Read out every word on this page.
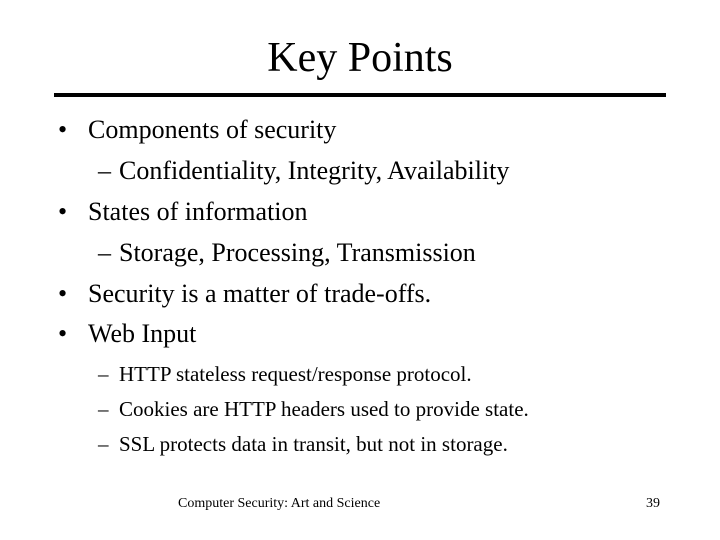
Key Points
• Components of security
– Confidentiality, Integrity, Availability
• States of information
– Storage, Processing, Transmission
• Security is a matter of trade-offs.
• Web Input
– HTTP stateless request/response protocol.
– Cookies are HTTP headers used to provide state.
– SSL protects data in transit, but not in storage.
Computer Security: Art and Science	39
